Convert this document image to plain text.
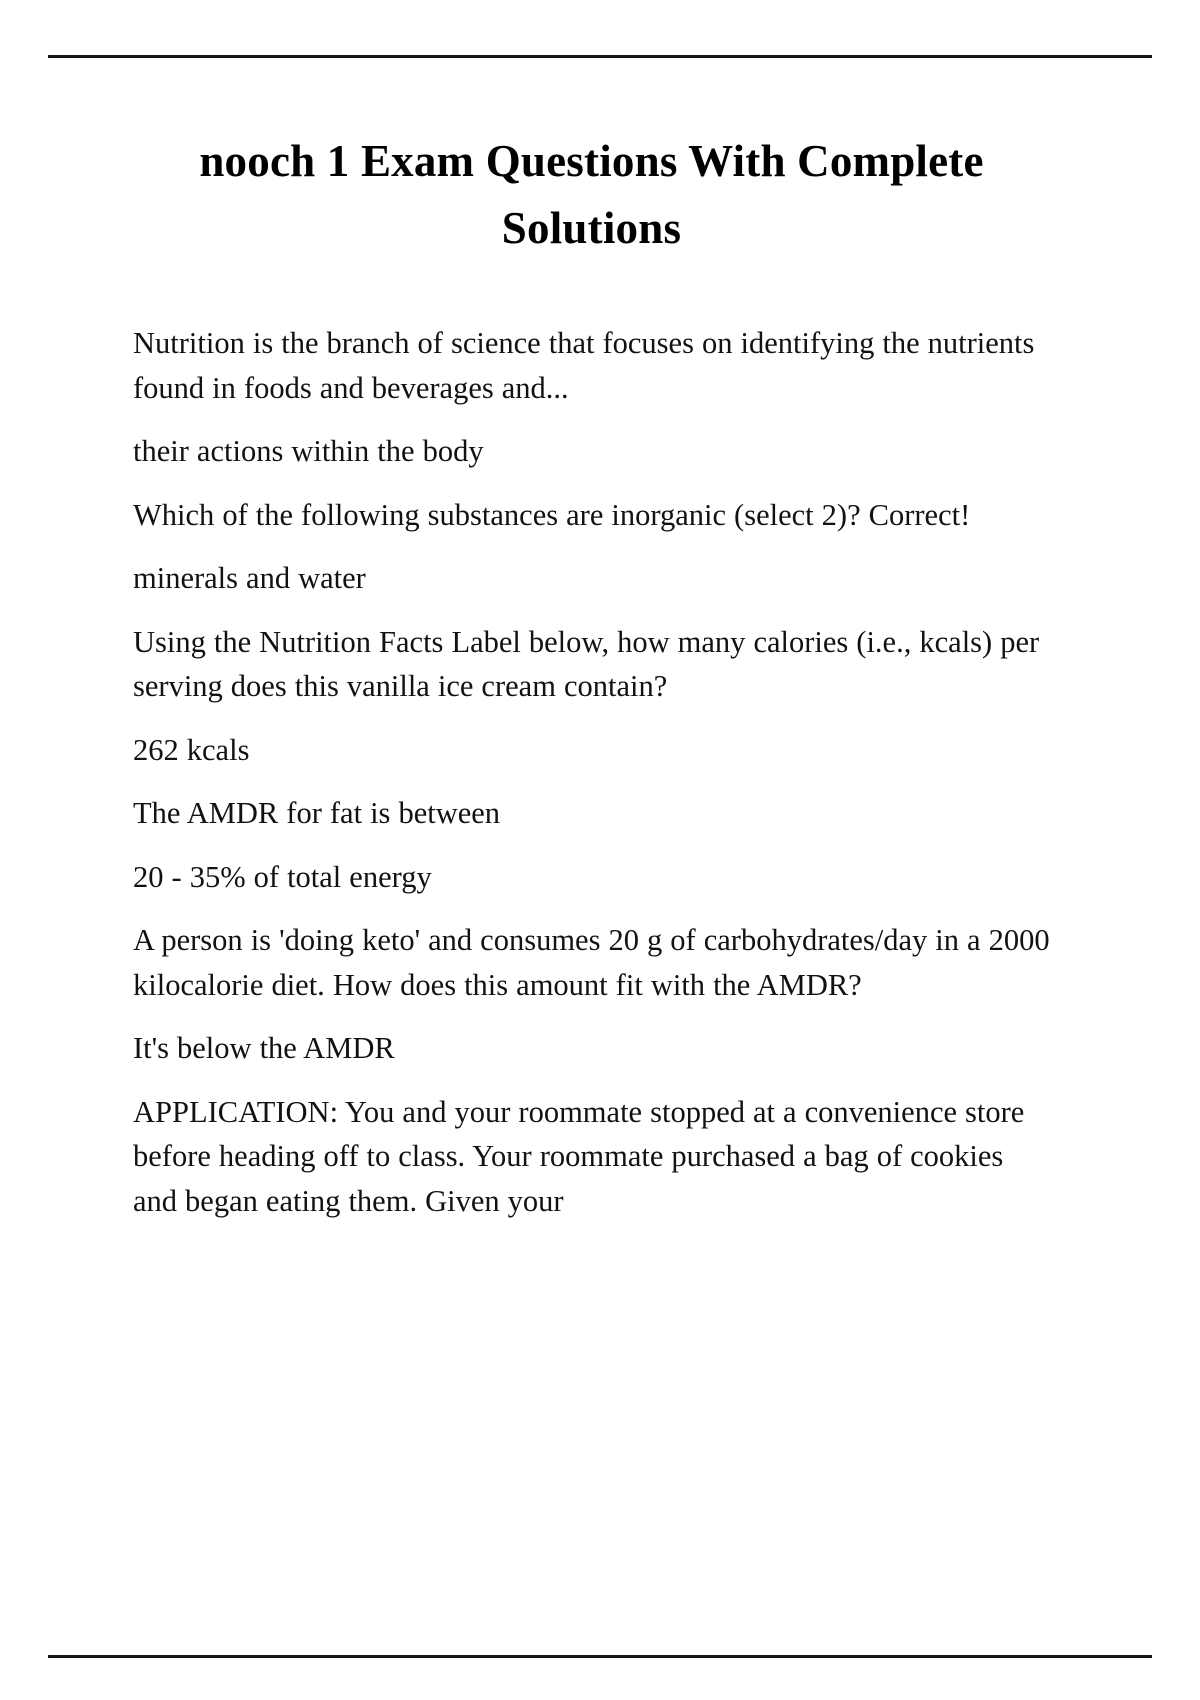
nooch 1 Exam Questions With Complete Solutions

Nutrition is the branch of science that focuses on identifying the nutrients found in foods and beverages and...

their actions within the body

Which of the following substances are inorganic (select 2)? Correct!

minerals and water

Using the Nutrition Facts Label below, how many calories (i.e., kcals) per serving does this vanilla ice cream contain?

262 kcals

The AMDR for fat is between

20 - 35% of total energy

A person is 'doing keto' and consumes 20 g of carbohydrates/day in a 2000 kilocalorie diet. How does this amount fit with the AMDR?

It's below the AMDR

APPLICATION: You and your roommate stopped at a convenience store before heading off to class. Your roommate purchased a bag of cookies and began eating them. Given your
